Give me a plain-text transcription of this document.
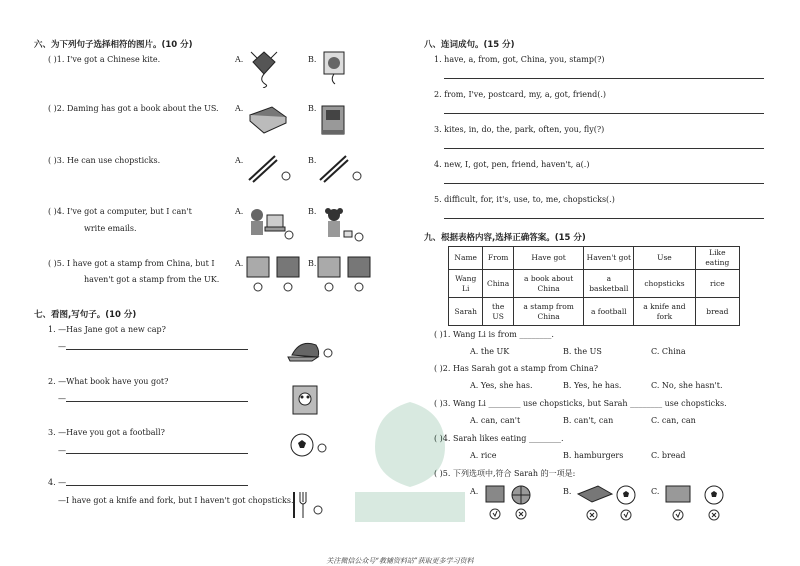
六、为下列句子选择相符的图片。(10 分)
( )1. I've got a Chinese kite.	A.	B.
( )2. Daming has got a book about the US. A.	B.
( )3. He can use chopsticks.	A.	B.
( )4. I've got a computer, but I can't
write emails.
A.	B.
( )5. I have got a stamp from China, but I
haven't got a stamp from the UK.
A.	B.
七、看图,写句子。(10 分)
1. —Has Jane got a new cap?
—
2. —What book have you got?
—
3. —Have you got a football?
—
4. —
—I have got a knife and fork, but I haven't got chopsticks.
八、连词成句。(15 分)
1. have, a, from, got, China, you, stamp(?)
2. from, I've, postcard, my, a, got, friend(.)
3. kites, in, do, the, park, often, you, fly(?)
4. new, I, got, pen, friend, haven't, a(.)
5. difficult, for, it's, use, to, me, chopsticks(.)
九、根据表格内容,选择正确答案。(15 分)
Name	From	Have got	Haven't got	Use	Like eating
Wang Li	China	a book about China	a basketball	chopsticks	rice
Sarah	the US	a stamp from China	a football	a knife and fork	bread
( )1. Wang Li is from ________.
A. the UK	B. the US	C. China
( )2. Has Sarah got a stamp from China?
A. Yes, she has.	B. Yes, he has.	C. No, she hasn't.
( )3. Wang Li ________ use chopsticks, but Sarah ________ use chopsticks.
A. can, can't	B. can't, can	C. can, can
( )4. Sarah likes eating ________.
A. rice	B. hamburgers	C. bread
( )5. 下列选项中,符合 Sarah 的一项是:
A.	B.	C.
关注微信公众号“教辅资料站”获取更多学习资料
